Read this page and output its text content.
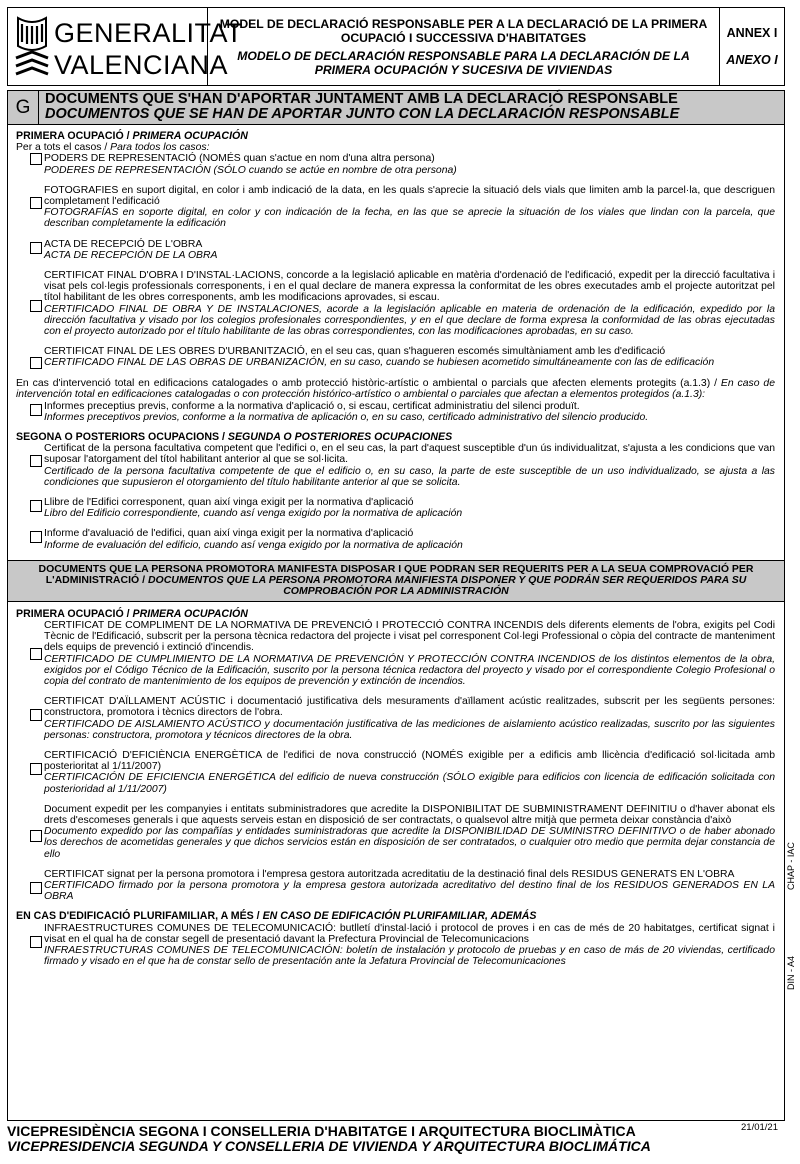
GENERALITAT
VALENCIANA
MODEL DE DECLARACIÓ RESPONSABLE PER A LA DECLARACIÓ DE LA PRIMERA OCUPACIÓ I SUCCESSIVA D'HABITATGES
MODELO DE DECLARACIÓN RESPONSABLE PARA LA DECLARACIÓN DE LA PRIMERA OCUPACIÓN Y SUCESIVA DE VIVIENDAS
ANNEX I
ANEXO I
G	DOCUMENTS QUE S'HAN D'APORTAR JUNTAMENT AMB LA DECLARACIÓ RESPONSABLE
DOCUMENTOS QUE SE HAN DE APORTAR JUNTO CON LA DECLARACIÓN RESPONSABLE

PRIMERA OCUPACIÓ / PRIMERA OCUPACIÓN

Per a tots el casos / Para todos los casos:

PODERS DE REPRESENTACIÓ (NOMÉS quan s'actue en nom d'una altra persona)
PODERES DE REPRESENTACIÓN (SÓLO cuando se actúe en nombre de otra persona)
FOTOGRAFIES en suport digital, en color i amb indicació de la data, en les quals s'aprecie la situació dels vials que limiten amb la parcel·la, que descriguen completament l'edificació
FOTOGRAFÍAS en soporte digital, en color y con indicación de la fecha, en las que se aprecie la situación de los viales que lindan con la parcela, que describan completamente la edificación
ACTA DE RECEPCIÓ DE L'OBRA
ACTA DE RECEPCIÓN DE LA OBRA
CERTIFICAT FINAL D'OBRA I D'INSTAL·LACIONS, concorde a la legislació aplicable en matèria d'ordenació de l'edificació, expedit per la direcció facultativa i visat pels col·legis professionals corresponents, i en el qual declare de manera expressa la conformitat de les obres executades amb el projecte autoritzat pel títol habilitant de les obres corresponents, amb les modificacions aprovades, si escau.
CERTIFICADO FINAL DE OBRA Y DE INSTALACIONES, acorde a la legislación aplicable en materia de ordenación de la edificación, expedido por la dirección facultativa y visado por los colegios profesionales correspondientes, y en el que declare de forma expresa la conformidad de las obras ejecutadas con el proyecto autorizado por el título habilitante de las obras correspondientes, con las modificaciones aprobadas, en su caso.
CERTIFICAT FINAL DE LES OBRES D'URBANITZACIÓ, en el seu cas, quan s'hagueren escomés simultàniament amb les d'edificació
CERTIFICADO FINAL DE LAS OBRAS DE URBANIZACIÓN, en su caso, cuando se hubiesen acometido simultáneamente con las de edificación

En cas d'intervenció total en edificacions catalogades o amb protecció històric-artístic o ambiental o parcials que afecten elements protegits (a.1.3) / En caso de intervención total en edificaciones catalogadas o con protección histórico-artístico o ambiental o parciales que afectan a elementos protegidos (a.1.3):

Informes preceptius previs, conforme a la normativa d'aplicació o, si escau, certificat administratiu del silenci produït.
Informes preceptivos previos, conforme a la normativa de aplicación o, en su caso, certificado administrativo del silencio producido.

SEGONA O POSTERIORS OCUPACIONS / SEGUNDA O POSTERIORES OCUPACIONES

Certificat de la persona facultativa competent que l'edifici o, en el seu cas, la part d'aquest susceptible d'un ús individualitzat, s'ajusta a les condicions que van suposar l'atorgament del títol habilitant anterior al que se sol·licita.
Certificado de la persona facultativa competente de que el edificio o, en su caso, la parte de este susceptible de un uso individualizado, se ajusta a las condiciones que supusieron el otorgamiento del título habilitante anterior al que se solicita.
Llibre de l'Edifici corresponent, quan així vinga exigit per la normativa d'aplicació
Libro del Edificio correspondiente, cuando así venga exigido por la normativa de aplicación
Informe d'avaluació de l'edifici, quan així vinga exigit per la normativa d'aplicació
Informe de evaluación del edificio, cuando así venga exigido por la normativa de aplicación
DOCUMENTS QUE LA PERSONA PROMOTORA MANIFESTA DISPOSAR I QUE PODRAN SER REQUERITS PER A LA SEUA COMPROVACIÓ PER L'ADMINISTRACIÓ / DOCUMENTOS QUE LA PERSONA PROMOTORA MANIFIESTA DISPONER Y QUE PODRÁN SER REQUERIDOS PARA SU COMPROBACIÓN POR LA ADMINISTRACIÓN

PRIMERA OCUPACIÓ / PRIMERA OCUPACIÓN

CERTIFICAT DE COMPLIMENT DE LA NORMATIVA DE PREVENCIÓ I PROTECCIÓ CONTRA INCENDIS dels diferents elements de l'obra, exigits pel Codi Tècnic de l'Edificació, subscrit per la persona tècnica redactora del projecte i visat pel corresponent Col·legi Professional o còpia del contracte de manteniment dels equips de prevenció i extinció d'incendis.
CERTIFICADO DE CUMPLIMIENTO DE LA NORMATIVA DE PREVENCIÓN Y PROTECCIÓN CONTRA INCENDIOS de los distintos elementos de la obra, exigidos por el Código Técnico de la Edificación, suscrito por la persona técnica redactora del proyecto y visado por el correspondiente Colegio Profesional o copia del contrato de mantenimiento de los equipos de prevención y extinción de incendios.
CERTIFICAT D'AÏLLAMENT ACÚSTIC i documentació justificativa dels mesuraments d'aïllament acústic realitzades, subscrit per les següents persones: constructora, promotora i tècnics directors de l'obra.
CERTIFICADO DE AISLAMIENTO ACÚSTICO y documentación justificativa de las mediciones de aislamiento acústico realizadas, suscrito por las siguientes personas: constructora, promotora y técnicos directores de la obra.
CERTIFICACIÓ D'EFICIÈNCIA ENERGÈTICA de l'edifici de nova construcció (NOMÉS exigible per a edificis amb llicència d'edificació sol·licitada amb posterioritat al 1/11/2007)
CERTIFICACIÓN DE EFICIENCIA ENERGÉTICA del edificio de nueva construcción (SÓLO exigible para edificios con licencia de edificación solicitada con posterioridad al 1/11/2007)
Document expedit per les companyies i entitats subministradores que acredite la DISPONIBILITAT DE SUBMINISTRAMENT DEFINITIU o d'haver abonat els drets d'escomeses generals i que aquests serveis estan en disposició de ser contractats, o qualsevol altre mitjà que permeta deixar constància d'això
Documento expedido por las compañías y entidades suministradoras que acredite la DISPONIBILIDAD DE SUMINISTRO DEFINITIVO o de haber abonado los derechos de acometidas generales y que dichos servicios están en disposición de ser contratados, o cualquier otro medio que permita dejar constancia de ello
CERTIFICAT signat per la persona promotora i l'empresa gestora autoritzada acreditatiu de la destinació final dels RESIDUS GENERATS EN L'OBRA
CERTIFICADO firmado por la persona promotora y la empresa gestora autorizada acreditativo del destino final de los RESIDUOS GENERADOS EN LA OBRA

EN CAS D'EDIFICACIÓ PLURIFAMILIAR, A MÉS / EN CASO DE EDIFICACIÓN PLURIFAMILIAR, ADEMÁS

INFRAESTRUCTURES COMUNES DE TELECOMUNICACIÓ: butlletí d'instal·lació i protocol de proves i en cas de més de 20 habitatges, certificat signat i visat en el qual ha de constar segell de presentació davant la Prefectura Provincial de Telecomunicacions
INFRAESTRUCTURAS COMUNES DE TELECOMUNICACIÓN: boletín de instalación y protocolo de pruebas y en caso de más de 20 viviendas, certificado firmado y visado en el que ha de constar sello de presentación ante la Jefatura Provincial de Telecomunicaciones
CHAP - IAC
DIN - A4
VICEPRESIDÈNCIA SEGONA I CONSELLERIA D'HABITATGE I ARQUITECTURA BIOCLIMÀTICA
VICEPRESIDENCIA SEGUNDA Y CONSELLERIA DE VIVIENDA Y ARQUITECTURA BIOCLIMÁTICA
21/01/21
